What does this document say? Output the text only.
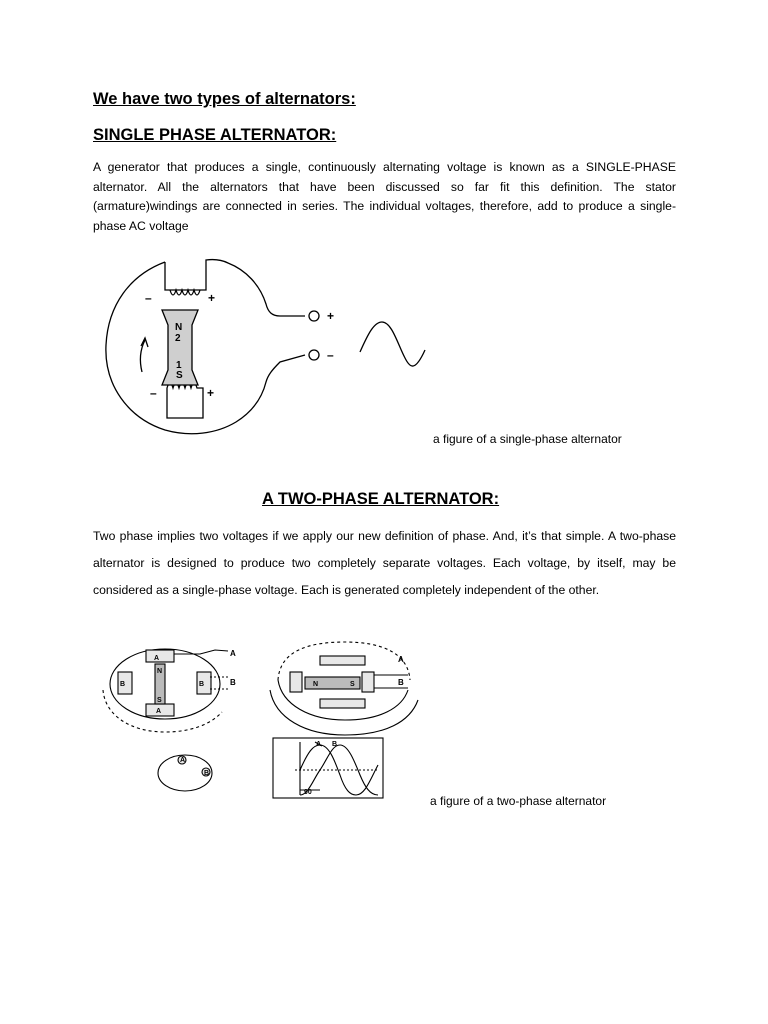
We have two types of alternators:
SINGLE PHASE ALTERNATOR:
A generator that produces a single, continuously alternating voltage is known as a SINGLE-PHASE alternator. All the alternators that have been discussed so far fit this definition. The stator (armature)windings are connected in series. The individual voltages, therefore, add to produce a single-phase AC voltage
–	+
–	+
+
–
N
2
1
S
a figure of a single-phase alternator
A TWO-PHASE ALTERNATOR:
Two phase implies two voltages if we apply our new definition of phase. And, it’s that simple. A two-phase alternator is designed to produce two completely separate voltages. Each voltage, by itself, may be considered as a single-phase voltage. Each is generated completely independent of the other.
A
B	B
N
S
A
A
B	N	S
A
B
A
B
A B
90
a figure of a two-phase alternator
